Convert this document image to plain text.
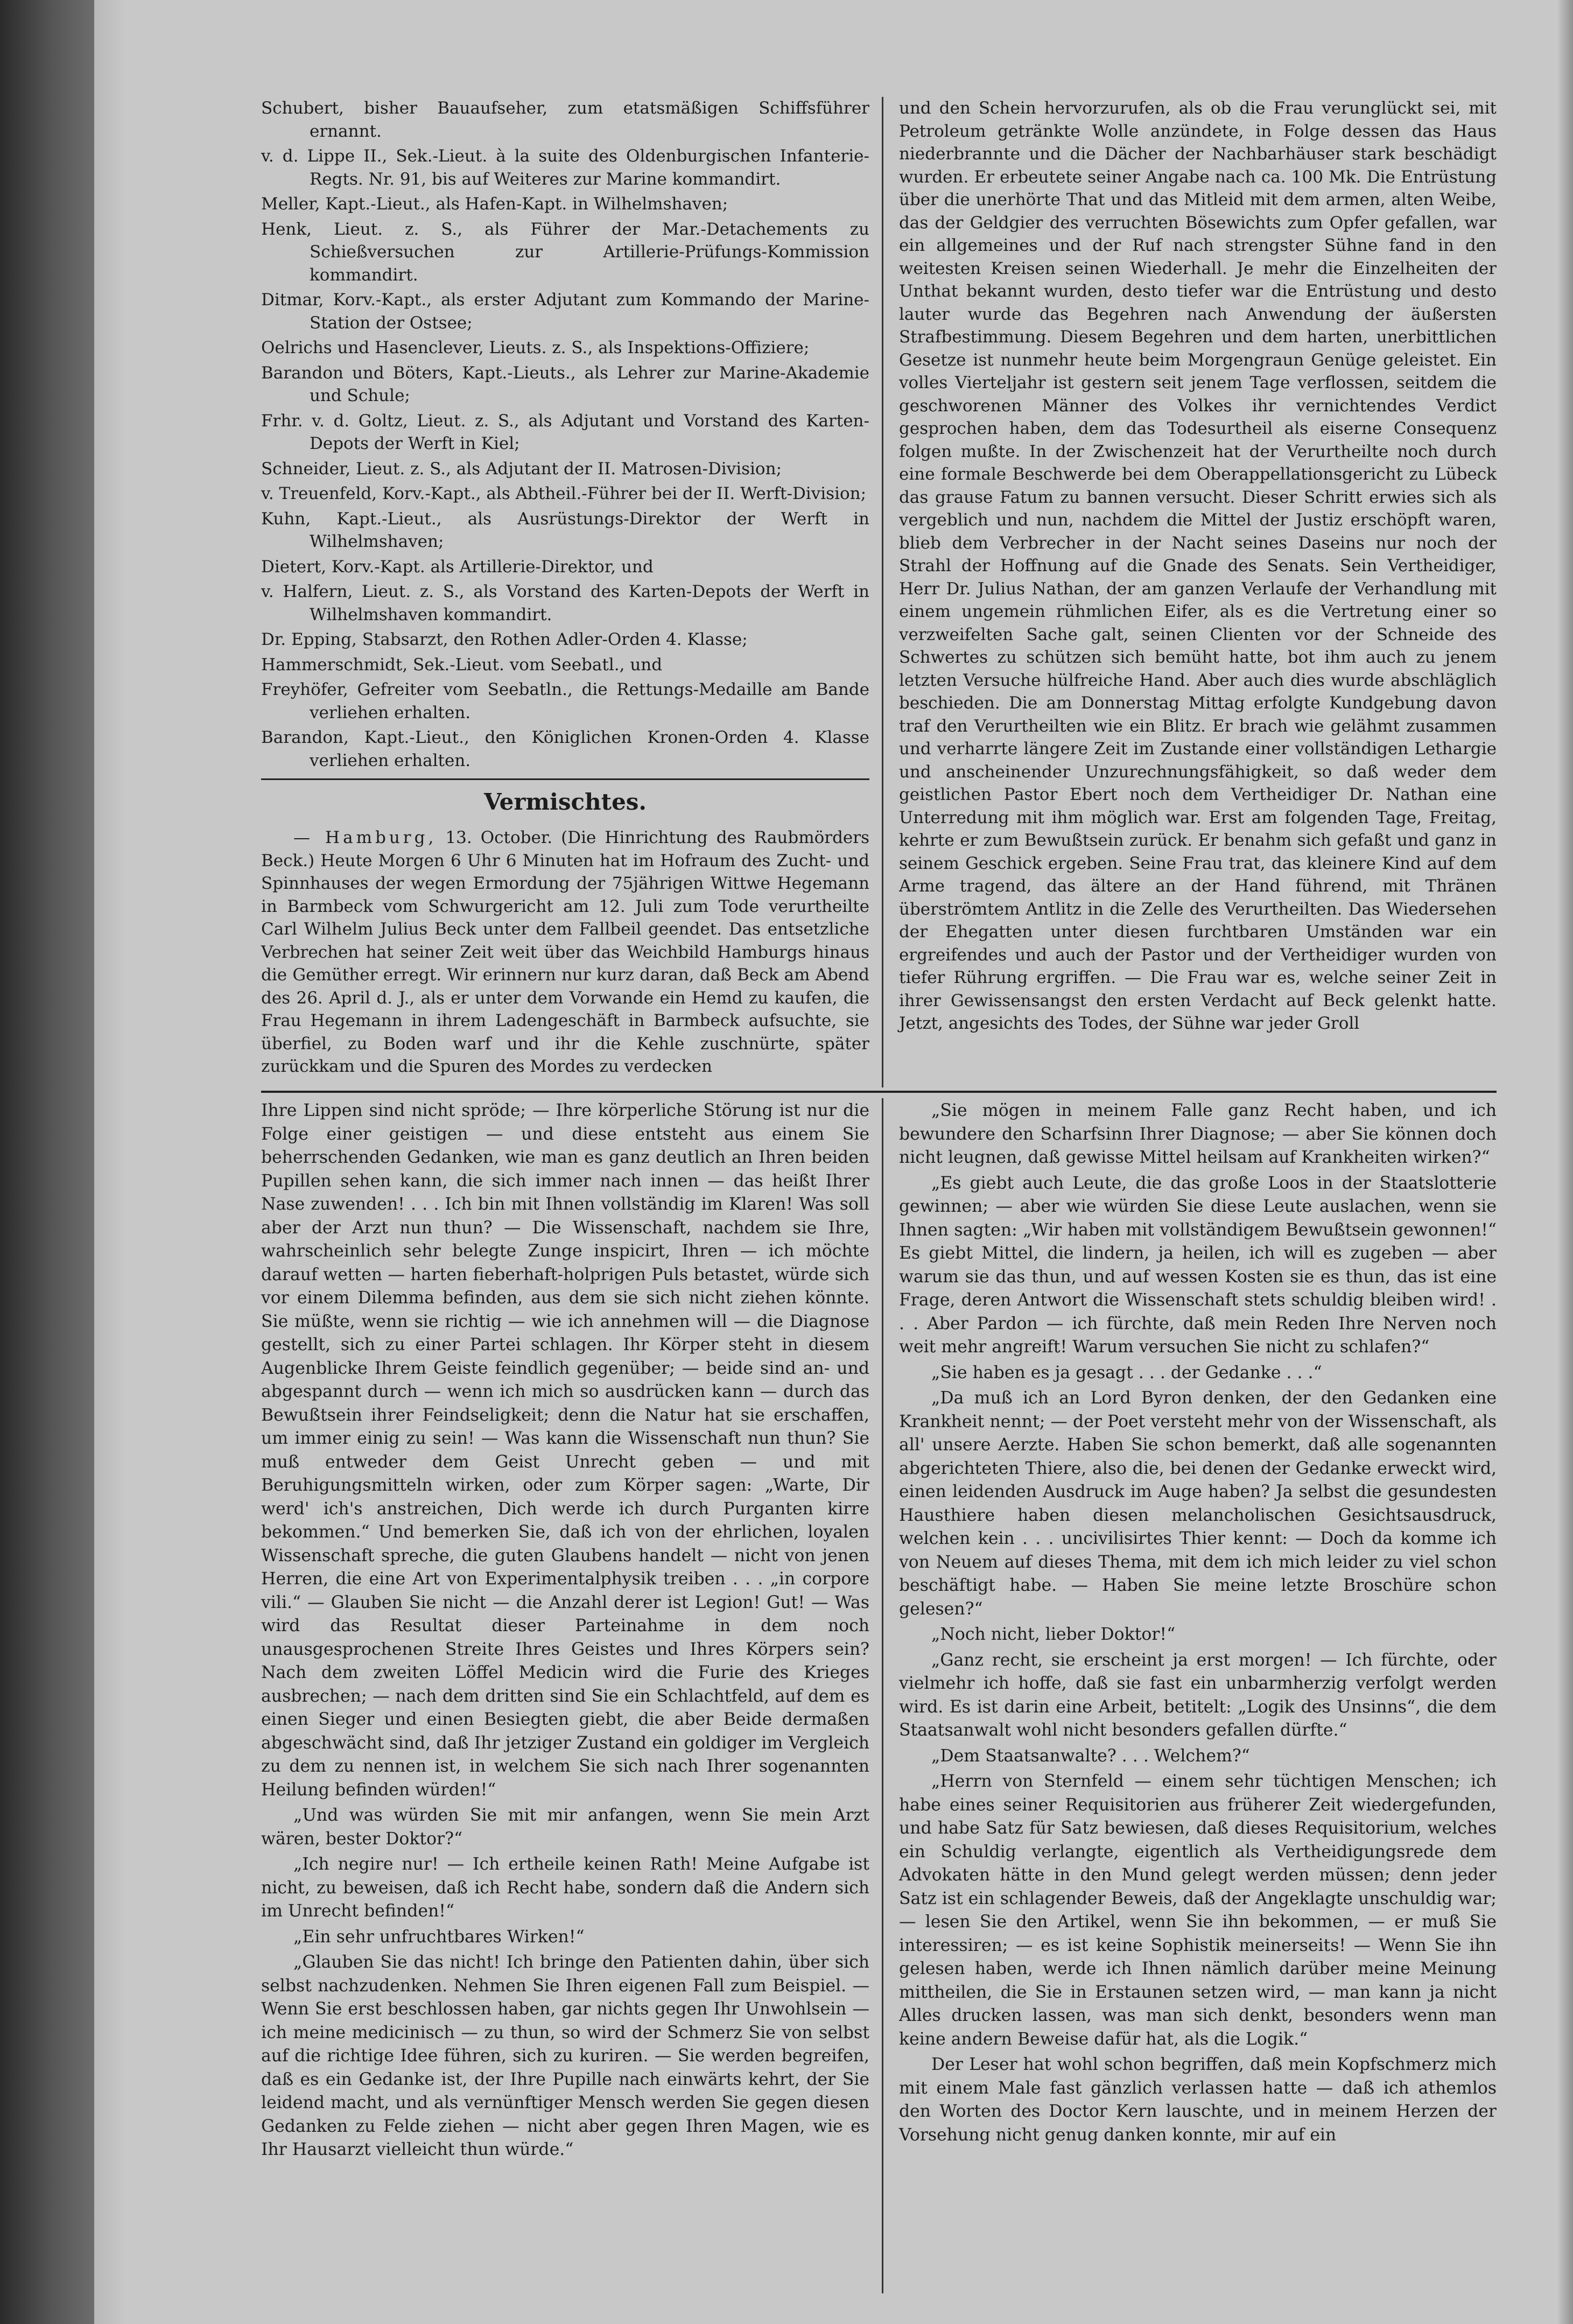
Schubert, bisher Bauaufseher, zum etatsmäßigen Schiffsführer ernannt.

v. d. Lippe II., Sek.-Lieut. à la suite des Oldenburgischen Infanterie-Regts. Nr. 91, bis auf Weiteres zur Marine kommandirt.

Meller, Kapt.-Lieut., als Hafen-Kapt. in Wilhelmshaven;

Henk, Lieut. z. S., als Führer der Mar.-Detachements zu Schießversuchen zur Artillerie-Prüfungs-Kommission kommandirt.

Ditmar, Korv.-Kapt., als erster Adjutant zum Kommando der Marine-Station der Ostsee;

Oelrichs und Hasenclever, Lieuts. z. S., als Inspektions-Offiziere;

Barandon und Böters, Kapt.-Lieuts., als Lehrer zur Marine-Akademie und Schule;

Frhr. v. d. Goltz, Lieut. z. S., als Adjutant und Vorstand des Karten-Depots der Werft in Kiel;

Schneider, Lieut. z. S., als Adjutant der II. Matrosen-Division;

v. Treuenfeld, Korv.-Kapt., als Abtheil.-Führer bei der II. Werft-Division;

Kuhn, Kapt.-Lieut., als Ausrüstungs-Direktor der Werft in Wilhelmshaven;

Dietert, Korv.-Kapt. als Artillerie-Direktor, und

v. Halfern, Lieut. z. S., als Vorstand des Karten-Depots der Werft in Wilhelmshaven kommandirt.

Dr. Epping, Stabsarzt, den Rothen Adler-Orden 4. Klasse;

Hammerschmidt, Sek.-Lieut. vom Seebatl., und

Freyhöfer, Gefreiter vom Seebatln., die Rettungs-Medaille am Bande verliehen erhalten.

Barandon, Kapt.-Lieut., den Königlichen Kronen-Orden 4. Klasse verliehen erhalten.

Vermischtes.

— Hamburg, 13. October. (Die Hinrichtung des Raubmörders Beck.) Heute Morgen 6 Uhr 6 Minuten hat im Hofraum des Zucht- und Spinnhauses der wegen Ermordung der 75jährigen Wittwe Hegemann in Barmbeck vom Schwurgericht am 12. Juli zum Tode verurtheilte Carl Wilhelm Julius Beck unter dem Fallbeil geendet. Das entsetzliche Verbrechen hat seiner Zeit weit über das Weichbild Hamburgs hinaus die Gemüther erregt. Wir erinnern nur kurz daran, daß Beck am Abend des 26. April d. J., als er unter dem Vorwande ein Hemd zu kaufen, die Frau Hegemann in ihrem Ladengeschäft in Barmbeck aufsuchte, sie überfiel, zu Boden warf und ihr die Kehle zuschnürte, später zurückkam und die Spuren des Mordes zu verdecken

und den Schein hervorzurufen, als ob die Frau verunglückt sei, mit Petroleum getränkte Wolle anzündete, in Folge dessen das Haus niederbrannte und die Dächer der Nachbarhäuser stark beschädigt wurden. Er erbeutete seiner Angabe nach ca. 100 Mk. Die Entrüstung über die unerhörte That und das Mitleid mit dem armen, alten Weibe, das der Geldgier des verruchten Bösewichts zum Opfer gefallen, war ein allgemeines und der Ruf nach strengster Sühne fand in den weitesten Kreisen seinen Wiederhall. Je mehr die Einzelheiten der Unthat bekannt wurden, desto tiefer war die Entrüstung und desto lauter wurde das Begehren nach Anwendung der äußersten Strafbestimmung. Diesem Begehren und dem harten, unerbittlichen Gesetze ist nunmehr heute beim Morgengraun Genüge geleistet. Ein volles Vierteljahr ist gestern seit jenem Tage verflossen, seitdem die geschworenen Männer des Volkes ihr vernichtendes Verdict gesprochen haben, dem das Todesurtheil als eiserne Consequenz folgen mußte. In der Zwischenzeit hat der Verurtheilte noch durch eine formale Beschwerde bei dem Oberappellationsgericht zu Lübeck das grause Fatum zu bannen versucht. Dieser Schritt erwies sich als vergeblich und nun, nachdem die Mittel der Justiz erschöpft waren, blieb dem Verbrecher in der Nacht seines Daseins nur noch der Strahl der Hoffnung auf die Gnade des Senats. Sein Vertheidiger, Herr Dr. Julius Nathan, der am ganzen Verlaufe der Verhandlung mit einem ungemein rühmlichen Eifer, als es die Vertretung einer so verzweifelten Sache galt, seinen Clienten vor der Schneide des Schwertes zu schützen sich bemüht hatte, bot ihm auch zu jenem letzten Versuche hülfreiche Hand. Aber auch dies wurde abschläglich beschieden. Die am Donnerstag Mittag erfolgte Kundgebung davon traf den Verurtheilten wie ein Blitz. Er brach wie gelähmt zusammen und verharrte längere Zeit im Zustande einer vollständigen Lethargie und anscheinender Unzurechnungsfähigkeit, so daß weder dem geistlichen Pastor Ebert noch dem Vertheidiger Dr. Nathan eine Unterredung mit ihm möglich war. Erst am folgenden Tage, Freitag, kehrte er zum Bewußtsein zurück. Er benahm sich gefaßt und ganz in seinem Geschick ergeben. Seine Frau trat, das kleinere Kind auf dem Arme tragend, das ältere an der Hand führend, mit Thränen überströmtem Antlitz in die Zelle des Verurtheilten. Das Wiedersehen der Ehegatten unter diesen furchtbaren Umständen war ein ergreifendes und auch der Pastor und der Vertheidiger wurden von tiefer Rührung ergriffen. — Die Frau war es, welche seiner Zeit in ihrer Gewissensangst den ersten Verdacht auf Beck gelenkt hatte. Jetzt, angesichts des Todes, der Sühne war jeder Groll

Ihre Lippen sind nicht spröde; — Ihre körperliche Störung ist nur die Folge einer geistigen — und diese entsteht aus einem Sie beherrschenden Gedanken, wie man es ganz deutlich an Ihren beiden Pupillen sehen kann, die sich immer nach innen — das heißt Ihrer Nase zuwenden! . . . Ich bin mit Ihnen vollständig im Klaren! Was soll aber der Arzt nun thun? — Die Wissenschaft, nachdem sie Ihre, wahrscheinlich sehr belegte Zunge inspicirt, Ihren — ich möchte darauf wetten — harten fieberhaft-holprigen Puls betastet, würde sich vor einem Dilemma befinden, aus dem sie sich nicht ziehen könnte. Sie müßte, wenn sie richtig — wie ich annehmen will — die Diagnose gestellt, sich zu einer Partei schlagen. Ihr Körper steht in diesem Augenblicke Ihrem Geiste feindlich gegenüber; — beide sind an- und abgespannt durch — wenn ich mich so ausdrücken kann — durch das Bewußtsein ihrer Feindseligkeit; denn die Natur hat sie erschaffen, um immer einig zu sein! — Was kann die Wissenschaft nun thun? Sie muß entweder dem Geist Unrecht geben — und mit Beruhigungsmitteln wirken, oder zum Körper sagen: „Warte, Dir werd' ich's anstreichen, Dich werde ich durch Purganten kirre bekommen.“ Und bemerken Sie, daß ich von der ehrlichen, loyalen Wissenschaft spreche, die guten Glaubens handelt — nicht von jenen Herren, die eine Art von Experimentalphysik treiben . . . „in corpore vili.“ — Glauben Sie nicht — die Anzahl derer ist Legion! Gut! — Was wird das Resultat dieser Parteinahme in dem noch unausgesprochenen Streite Ihres Geistes und Ihres Körpers sein? Nach dem zweiten Löffel Medicin wird die Furie des Krieges ausbrechen; — nach dem dritten sind Sie ein Schlachtfeld, auf dem es einen Sieger und einen Besiegten giebt, die aber Beide dermaßen abgeschwächt sind, daß Ihr jetziger Zustand ein goldiger im Vergleich zu dem zu nennen ist, in welchem Sie sich nach Ihrer sogenannten Heilung befinden würden!“

„Und was würden Sie mit mir anfangen, wenn Sie mein Arzt wären, bester Doktor?“

„Ich negire nur! — Ich ertheile keinen Rath! Meine Aufgabe ist nicht, zu beweisen, daß ich Recht habe, sondern daß die Andern sich im Unrecht befinden!“

„Ein sehr unfruchtbares Wirken!“

„Glauben Sie das nicht! Ich bringe den Patienten dahin, über sich selbst nachzudenken. Nehmen Sie Ihren eigenen Fall zum Beispiel. — Wenn Sie erst beschlossen haben, gar nichts gegen Ihr Unwohlsein — ich meine medicinisch — zu thun, so wird der Schmerz Sie von selbst auf die richtige Idee führen, sich zu kuriren. — Sie werden begreifen, daß es ein Gedanke ist, der Ihre Pupille nach einwärts kehrt, der Sie leidend macht, und als vernünftiger Mensch werden Sie gegen diesen Gedanken zu Felde ziehen — nicht aber gegen Ihren Magen, wie es Ihr Hausarzt vielleicht thun würde.“

„Sie mögen in meinem Falle ganz Recht haben, und ich bewundere den Scharfsinn Ihrer Diagnose; — aber Sie können doch nicht leugnen, daß gewisse Mittel heilsam auf Krankheiten wirken?“

„Es giebt auch Leute, die das große Loos in der Staatslotterie gewinnen; — aber wie würden Sie diese Leute auslachen, wenn sie Ihnen sagten: „Wir haben mit vollständigem Bewußtsein gewonnen!“ Es giebt Mittel, die lindern, ja heilen, ich will es zugeben — aber warum sie das thun, und auf wessen Kosten sie es thun, das ist eine Frage, deren Antwort die Wissenschaft stets schuldig bleiben wird! . . . Aber Pardon — ich fürchte, daß mein Reden Ihre Nerven noch weit mehr angreift! Warum versuchen Sie nicht zu schlafen?“

„Sie haben es ja gesagt . . . der Gedanke . . .“

„Da muß ich an Lord Byron denken, der den Gedanken eine Krankheit nennt; — der Poet versteht mehr von der Wissenschaft, als all' unsere Aerzte. Haben Sie schon bemerkt, daß alle sogenannten abgerichteten Thiere, also die, bei denen der Gedanke erweckt wird, einen leidenden Ausdruck im Auge haben? Ja selbst die gesundesten Hausthiere haben diesen melancholischen Gesichtsausdruck, welchen kein . . . uncivilisirtes Thier kennt: — Doch da komme ich von Neuem auf dieses Thema, mit dem ich mich leider zu viel schon beschäftigt habe. — Haben Sie meine letzte Broschüre schon gelesen?“

„Noch nicht, lieber Doktor!“

„Ganz recht, sie erscheint ja erst morgen! — Ich fürchte, oder vielmehr ich hoffe, daß sie fast ein unbarmherzig verfolgt werden wird. Es ist darin eine Arbeit, betitelt: „Logik des Unsinns“, die dem Staatsanwalt wohl nicht besonders gefallen dürfte.“

„Dem Staatsanwalte? . . . Welchem?“

„Herrn von Sternfeld — einem sehr tüchtigen Menschen; ich habe eines seiner Requisitorien aus früherer Zeit wiedergefunden, und habe Satz für Satz bewiesen, daß dieses Requisitorium, welches ein Schuldig verlangte, eigentlich als Vertheidigungsrede dem Advokaten hätte in den Mund gelegt werden müssen; denn jeder Satz ist ein schlagender Beweis, daß der Angeklagte unschuldig war; — lesen Sie den Artikel, wenn Sie ihn bekommen, — er muß Sie interessiren; — es ist keine Sophistik meinerseits! — Wenn Sie ihn gelesen haben, werde ich Ihnen nämlich darüber meine Meinung mittheilen, die Sie in Erstaunen setzen wird, — man kann ja nicht Alles drucken lassen, was man sich denkt, besonders wenn man keine andern Beweise dafür hat, als die Logik.“

Der Leser hat wohl schon begriffen, daß mein Kopfschmerz mich mit einem Male fast gänzlich verlassen hatte — daß ich athemlos den Worten des Doctor Kern lauschte, und in meinem Herzen der Vorsehung nicht genug danken konnte, mir auf ein
